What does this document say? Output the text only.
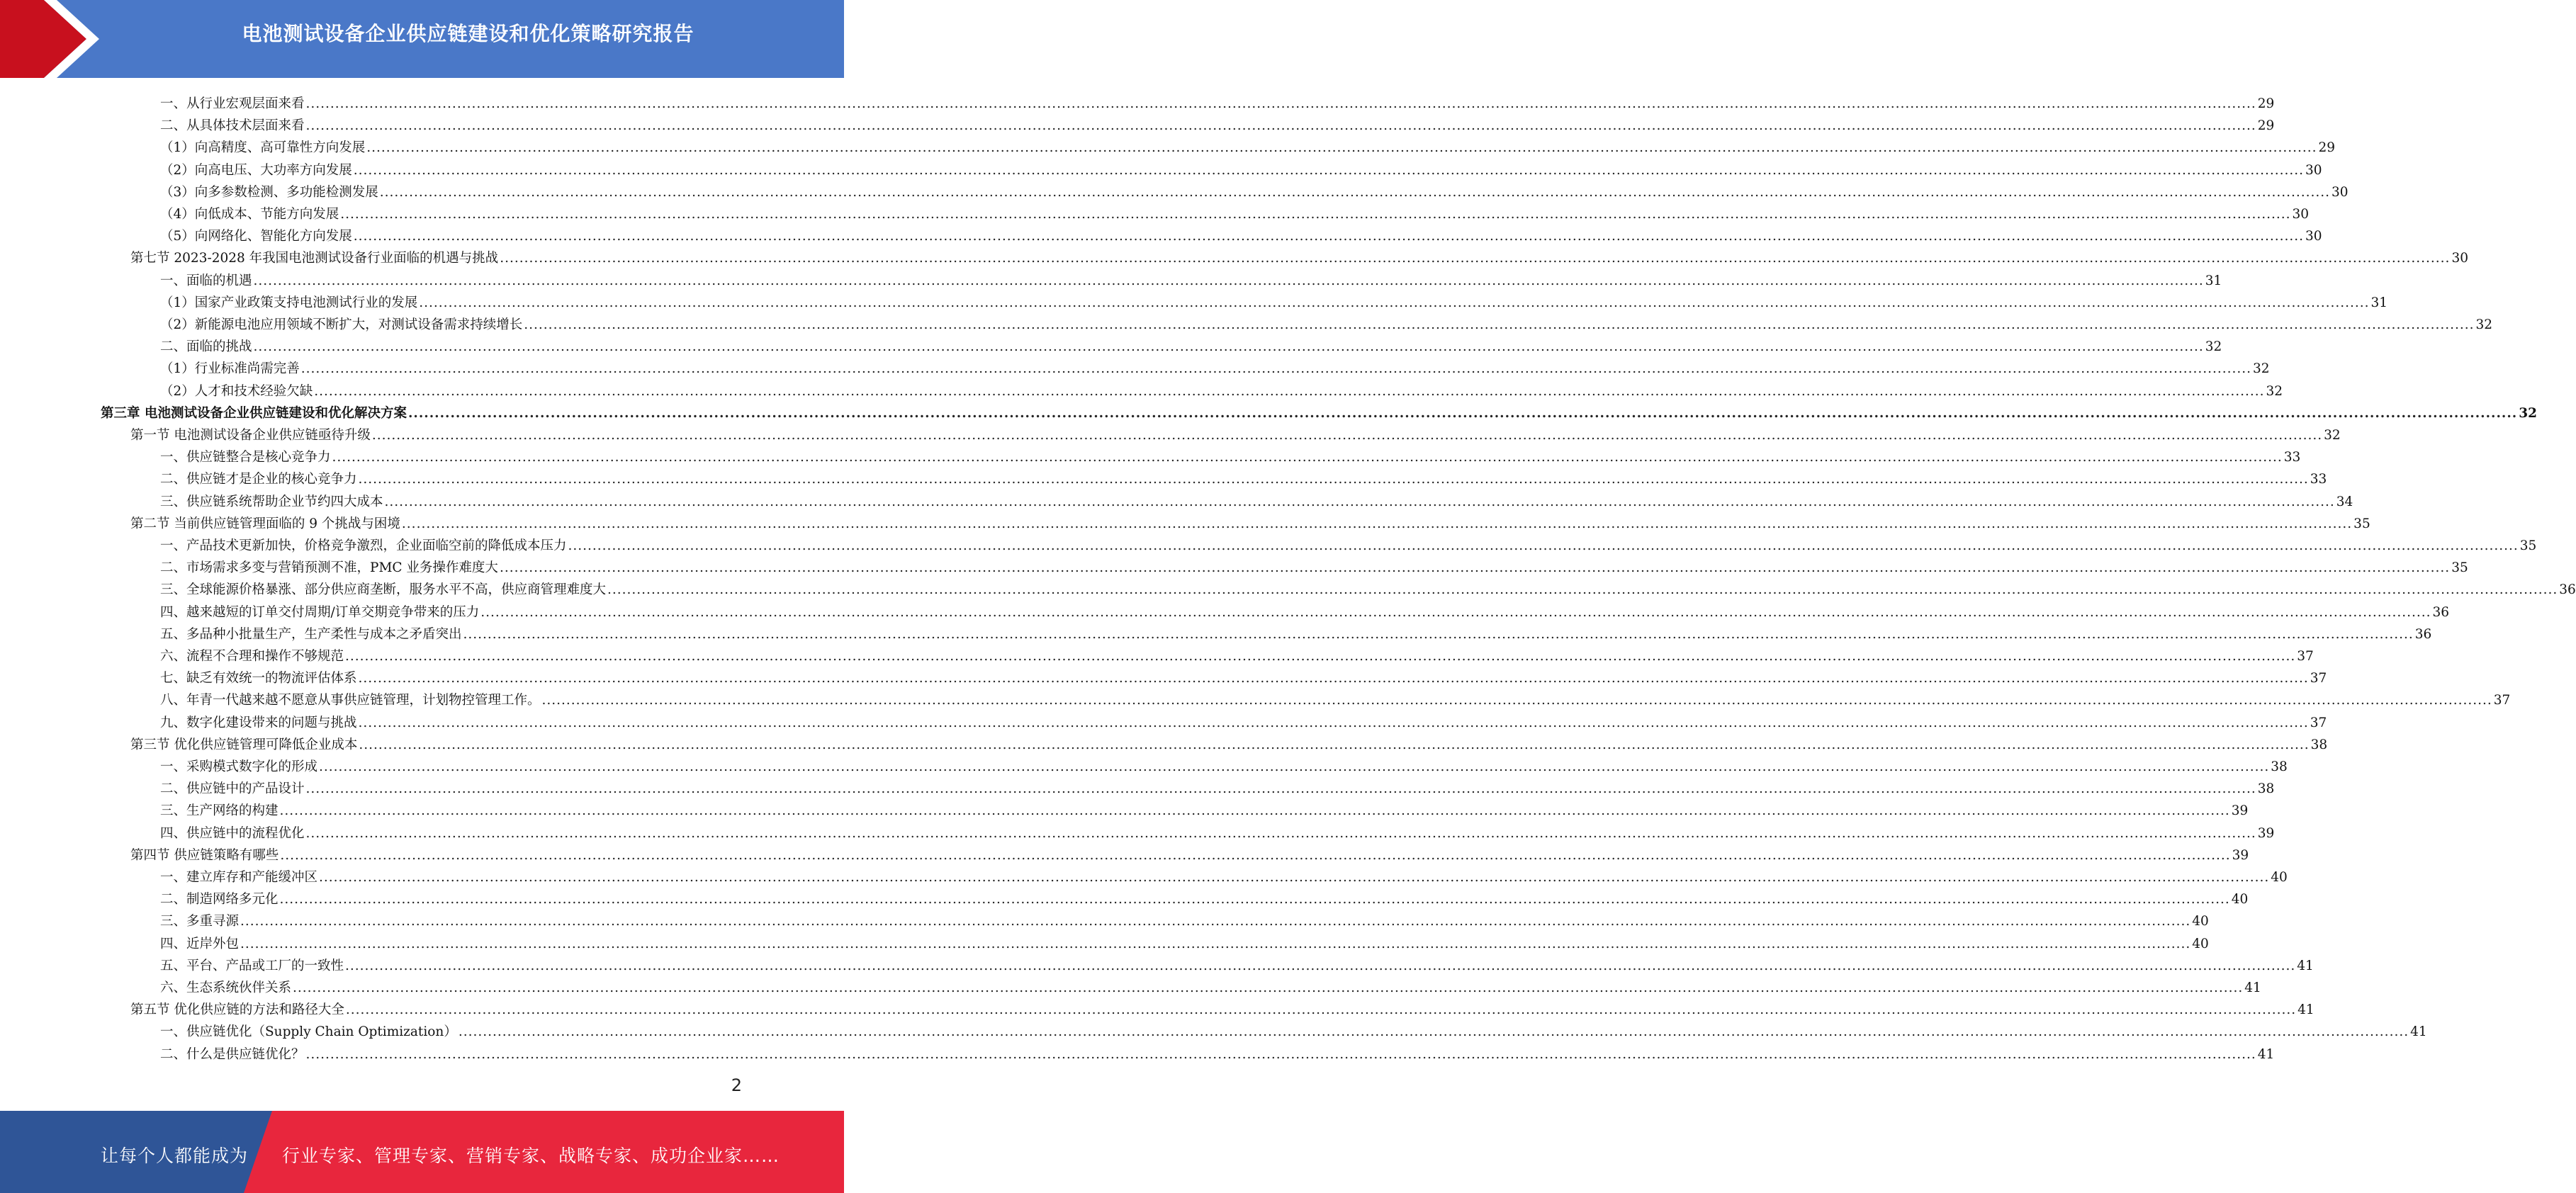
电池测试设备企业供应链建设和优化策略研究报告
一、从行业宏观层面来看 ................................................................................................................................................................................................................................................................................................................................................................................................................ 29
二、从具体技术层面来看 ................................................................................................................................................................................................................................................................................................................................................................................................................ 29
（1）向高精度、高可靠性方向发展 ................................................................................................................................................................................................................................................................................................................................................................................................................ 29
（2）向高电压、大功率方向发展 ................................................................................................................................................................................................................................................................................................................................................................................................................ 30
（3）向多参数检测、多功能检测发展 ................................................................................................................................................................................................................................................................................................................................................................................................................ 30
（4）向低成本、节能方向发展 ................................................................................................................................................................................................................................................................................................................................................................................................................ 30
（5）向网络化、智能化方向发展 ................................................................................................................................................................................................................................................................................................................................................................................................................ 30
第七节 2023-2028 年我国电池测试设备行业面临的机遇与挑战 ................................................................................................................................................................................................................................................................................................................................................................................................................ 30
一、面临的机遇 ................................................................................................................................................................................................................................................................................................................................................................................................................ 31
（1）国家产业政策支持电池测试行业的发展 ................................................................................................................................................................................................................................................................................................................................................................................................................ 31
（2）新能源电池应用领域不断扩大，对测试设备需求持续增长 ................................................................................................................................................................................................................................................................................................................................................................................................................ 32
二、面临的挑战 ................................................................................................................................................................................................................................................................................................................................................................................................................ 32
（1）行业标准尚需完善 ................................................................................................................................................................................................................................................................................................................................................................................................................ 32
（2）人才和技术经验欠缺 ................................................................................................................................................................................................................................................................................................................................................................................................................ 32
第三章 电池测试设备企业供应链建设和优化解决方案 ................................................................................................................................................................................................................................................................................................................................................................................................................ 32
第一节 电池测试设备企业供应链亟待升级 ................................................................................................................................................................................................................................................................................................................................................................................................................ 32
一、供应链整合是核心竞争力 ................................................................................................................................................................................................................................................................................................................................................................................................................ 33
二、供应链才是企业的核心竞争力 ................................................................................................................................................................................................................................................................................................................................................................................................................ 33
三、供应链系统帮助企业节约四大成本 ................................................................................................................................................................................................................................................................................................................................................................................................................ 34
第二节 当前供应链管理面临的 9 个挑战与困境 ................................................................................................................................................................................................................................................................................................................................................................................................................ 35
一、产品技术更新加快，价格竞争激烈，企业面临空前的降低成本压力 ................................................................................................................................................................................................................................................................................................................................................................................................................ 35
二、市场需求多变与营销预测不准，PMC 业务操作难度大 ................................................................................................................................................................................................................................................................................................................................................................................................................ 35
三、全球能源价格暴涨、部分供应商垄断，服务水平不高，供应商管理难度大 ................................................................................................................................................................................................................................................................................................................................................................................................................ 36
四、越来越短的订单交付周期/订单交期竞争带来的压力 ................................................................................................................................................................................................................................................................................................................................................................................................................ 36
五、多品种小批量生产，生产柔性与成本之矛盾突出 ................................................................................................................................................................................................................................................................................................................................................................................................................ 36
六、流程不合理和操作不够规范 ................................................................................................................................................................................................................................................................................................................................................................................................................ 37
七、缺乏有效统一的物流评估体系 ................................................................................................................................................................................................................................................................................................................................................................................................................ 37
八、年青一代越来越不愿意从事供应链管理，计划物控管理工作。 ................................................................................................................................................................................................................................................................................................................................................................................................................ 37
九、数字化建设带来的问题与挑战 ................................................................................................................................................................................................................................................................................................................................................................................................................ 37
第三节 优化供应链管理可降低企业成本 ................................................................................................................................................................................................................................................................................................................................................................................................................ 38
一、采购模式数字化的形成 ................................................................................................................................................................................................................................................................................................................................................................................................................ 38
二、供应链中的产品设计 ................................................................................................................................................................................................................................................................................................................................................................................................................ 38
三、生产网络的构建 ................................................................................................................................................................................................................................................................................................................................................................................................................ 39
四、供应链中的流程优化 ................................................................................................................................................................................................................................................................................................................................................................................................................ 39
第四节 供应链策略有哪些 ................................................................................................................................................................................................................................................................................................................................................................................................................ 39
一、建立库存和产能缓冲区 ................................................................................................................................................................................................................................................................................................................................................................................................................ 40
二、制造网络多元化 ................................................................................................................................................................................................................................................................................................................................................................................................................ 40
三、多重寻源 ................................................................................................................................................................................................................................................................................................................................................................................................................ 40
四、近岸外包 ................................................................................................................................................................................................................................................................................................................................................................................................................ 40
五、平台、产品或工厂的一致性 ................................................................................................................................................................................................................................................................................................................................................................................................................ 41
六、生态系统伙伴关系 ................................................................................................................................................................................................................................................................................................................................................................................................................ 41
第五节 优化供应链的方法和路径大全 ................................................................................................................................................................................................................................................................................................................................................................................................................ 41
一、供应链优化（Supply Chain Optimization） ................................................................................................................................................................................................................................................................................................................................................................................................................ 41
二、什么是供应链优化？ ................................................................................................................................................................................................................................................................................................................................................................................................................ 41
2
让每个人都能成为 行业专家、管理专家、营销专家、战略专家、成功企业家……
